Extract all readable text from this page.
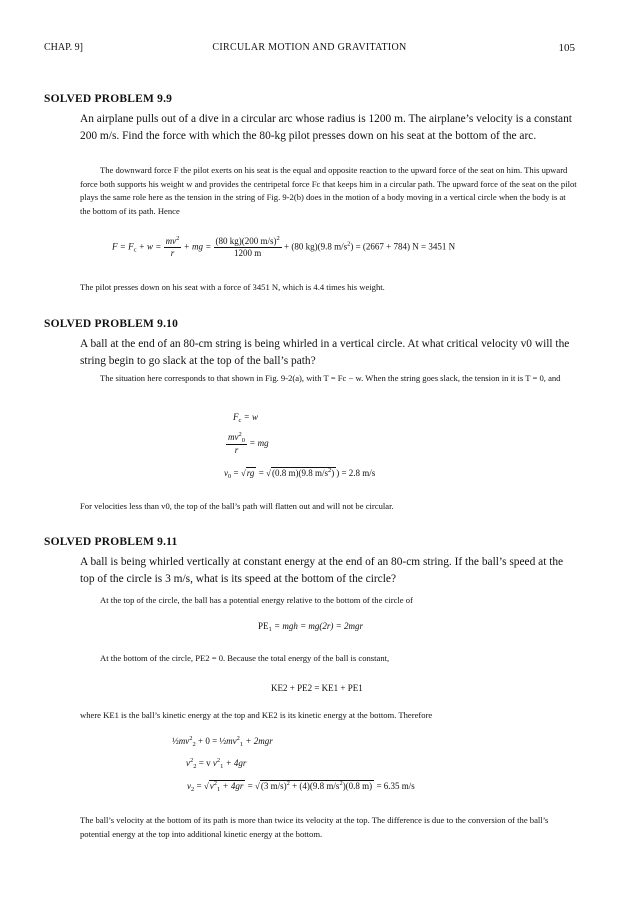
CHAP. 9]	CIRCULAR MOTION AND GRAVITATION	105
SOLVED PROBLEM 9.9
An airplane pulls out of a dive in a circular arc whose radius is 1200 m. The airplane’s velocity is a constant 200 m/s. Find the force with which the 80-kg pilot presses down on his seat at the bottom of the arc.
The downward force F the pilot exerts on his seat is the equal and opposite reaction to the upward force of the seat on him. This upward force both supports his weight w and provides the centripetal force Fc that keeps him in a circular path. The upward force of the seat on the pilot plays the same role here as the tension in the string of Fig. 9-2(b) does in the motion of a body moving in a vertical circle when the body is at the bottom of its path. Hence
$F = F_c + w = \frac{mv^2}{r}$ + mg = $\frac{(80 kg)(200 m/s)^2}{1200 m} + (80$ kg)(9.8 $m/s^2) = (2667 + 784)$ N = 3451 N
The pilot presses down on his seat with a force of 3451 N, which is 4.4 times his weight.
SOLVED PROBLEM 9.10
A ball at the end of an 80-cm string is being whirled in a vertical circle. At what critical velocity v0 will the string begin to go slack at the top of the ball’s path?
The situation here corresponds to that shown in Fig. 9-2(a), with T = Fc − w. When the string goes slack, the tension in it is T = 0, and
$F_c = w$
$\frac{mv^2_0}{r}$ = mg
$v_0 = √rg = √(0.8$ m)(9.8 $m/s^2$) ) = 2.8 m/s
For velocities less than v0, the top of the ball’s path will flatten out and will not be circular.
SOLVED PROBLEM 9.11
A ball is being whirled vertically at constant energy at the end of an 80-cm string. If the ball’s speed at the top of the circle is 3 m/s, what is its speed at the bottom of the circle?
At the top of the circle, the ball has a potential energy relative to the bottom of the circle of
$PE_1$ = mgh = mg(2r) = 2mgr
At the bottom of the circle, PE2 = 0. Because the total energy of the ball is constant,
KE2 + PE2 = KE1 + PE1
where KE1 is the ball’s kinetic energy at the top and KE2 is its kinetic energy at the bottom. Therefore
$\frac{1}{2}mv^2_2 + 0$ = $\frac{1}{2}mv^2_1 + 2mgr$
$v^2_2 = v$ $v^2_1 + 4gr$
$v_2 = √v^2_1 + 4gr = √(3$ m/s)$^2$ + (4)(9.8 $m/s^2)(0.8$ m) = 6.35 m/s
The ball’s velocity at the bottom of its path is more than twice its velocity at the top. The difference is due to the conversion of the ball’s potential energy at the top into additional kinetic energy at the bottom.
